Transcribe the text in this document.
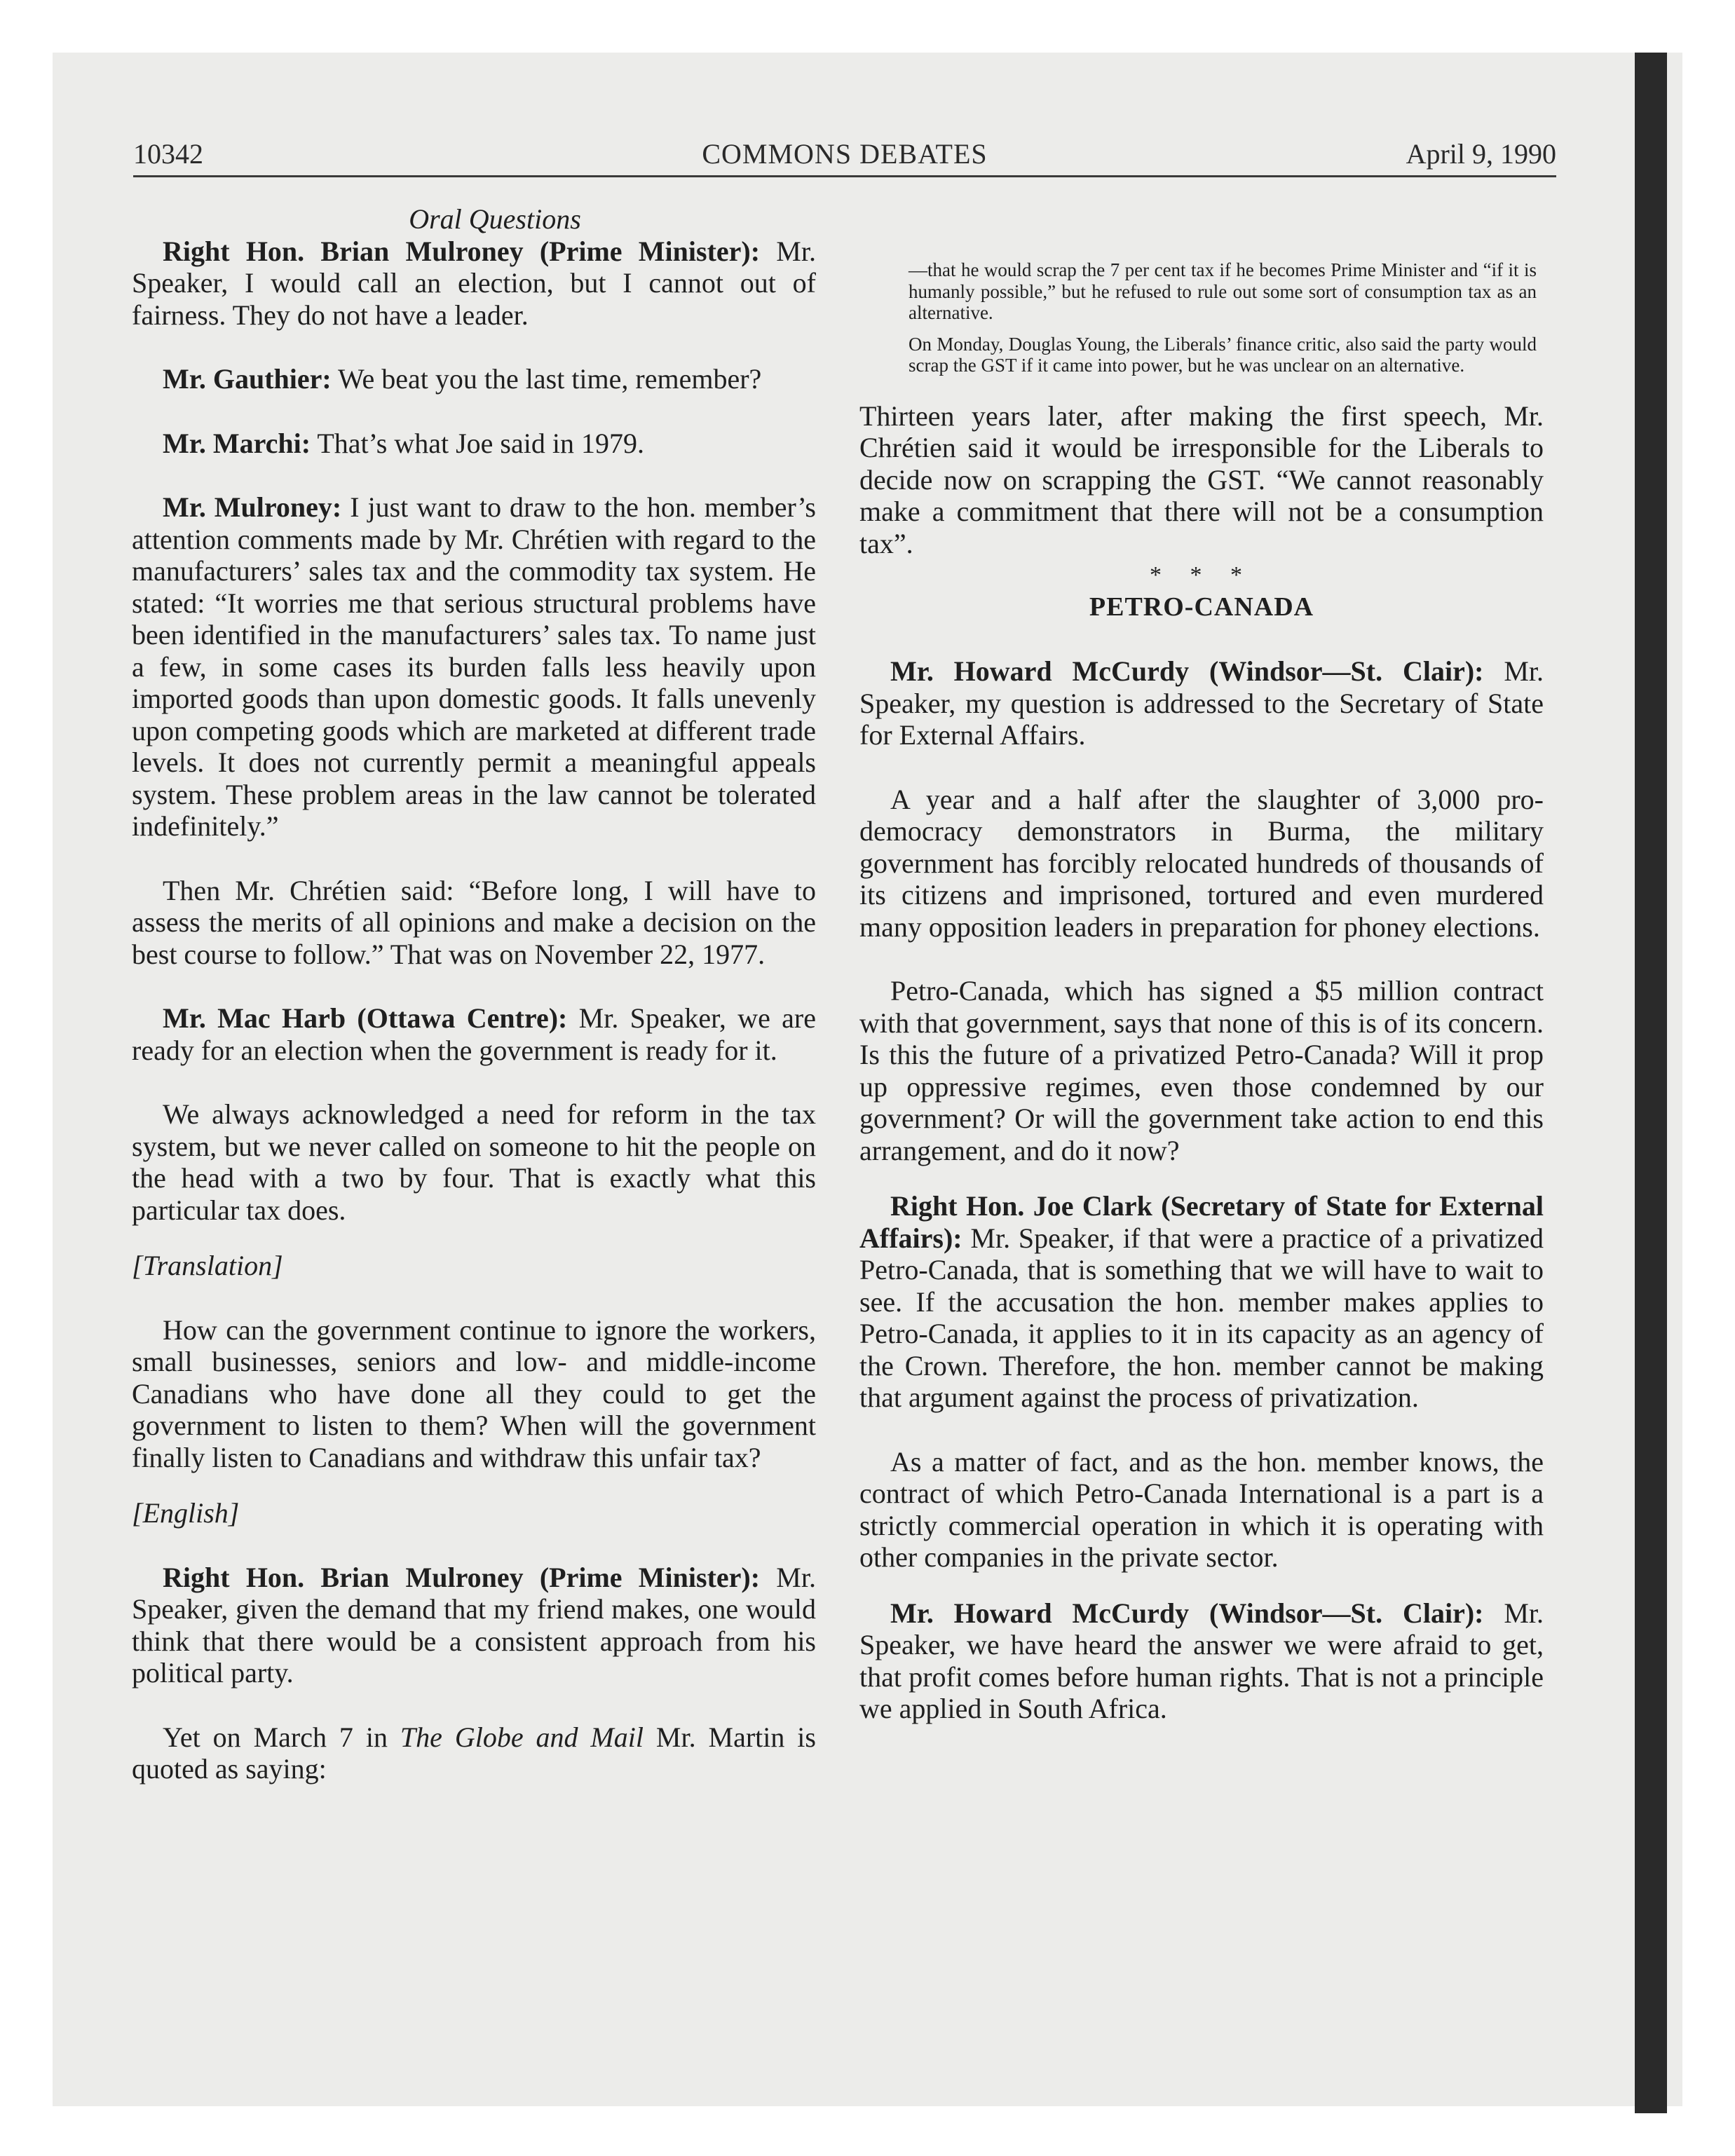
10342	COMMONS DEBATES	April 9, 1990

Oral Questions

Right Hon. Brian Mulroney (Prime Minister): Mr. Speaker, I would call an election, but I cannot out of fairness. They do not have a leader.

Mr. Gauthier: We beat you the last time, remember?

Mr. Marchi: That’s what Joe said in 1979.

Mr. Mulroney: I just want to draw to the hon. member’s attention comments made by Mr. Chrétien with regard to the manufacturers’ sales tax and the commodity tax system. He stated: “It worries me that serious structural problems have been identified in the manufacturers’ sales tax. To name just a few, in some cases its burden falls less heavily upon imported goods than upon domestic goods. It falls unevenly upon competing goods which are marketed at different trade levels. It does not currently permit a meaningful appeals system. These problem areas in the law cannot be tolerated indefinitely.”

Then Mr. Chrétien said: “Before long, I will have to assess the merits of all opinions and make a decision on the best course to follow.” That was on November 22, 1977.

Mr. Mac Harb (Ottawa Centre): Mr. Speaker, we are ready for an election when the government is ready for it.

We always acknowledged a need for reform in the tax system, but we never called on someone to hit the people on the head with a two by four. That is exactly what this particular tax does.

[Translation]

How can the government continue to ignore the workers, small businesses, seniors and low- and middle-income Canadians who have done all they could to get the government to listen to them? When will the government finally listen to Canadians and withdraw this unfair tax?

[English]

Right Hon. Brian Mulroney (Prime Minister): Mr. Speaker, given the demand that my friend makes, one would think that there would be a consistent approach from his political party.

Yet on March 7 in The Globe and Mail Mr. Martin is quoted as saying:

—that he would scrap the 7 per cent tax if he becomes Prime Minister and “if it is humanly possible,” but he refused to rule out some sort of consumption tax as an alternative.

On Monday, Douglas Young, the Liberals’ finance critic, also said the party would scrap the GST if it came into power, but he was unclear on an alternative.

Thirteen years later, after making the first speech, Mr. Chrétien said it would be irresponsible for the Liberals to decide now on scrapping the GST. “We cannot reasonably make a commitment that there will not be a consumption tax”.

* * *

PETRO-CANADA

Mr. Howard McCurdy (Windsor—St. Clair): Mr. Speaker, my question is addressed to the Secretary of State for External Affairs.

A year and a half after the slaughter of 3,000 pro-democracy demonstrators in Burma, the military government has forcibly relocated hundreds of thousands of its citizens and imprisoned, tortured and even murdered many opposition leaders in preparation for phoney elections.

Petro-Canada, which has signed a $5 million contract with that government, says that none of this is of its concern. Is this the future of a privatized Petro-Canada? Will it prop up oppressive regimes, even those condemned by our government? Or will the government take action to end this arrangement, and do it now?

Right Hon. Joe Clark (Secretary of State for External Affairs): Mr. Speaker, if that were a practice of a privatized Petro-Canada, that is something that we will have to wait to see. If the accusation the hon. member makes applies to Petro-Canada, it applies to it in its capacity as an agency of the Crown. Therefore, the hon. member cannot be making that argument against the process of privatization.

As a matter of fact, and as the hon. member knows, the contract of which Petro-Canada International is a part is a strictly commercial operation in which it is operating with other companies in the private sector.

Mr. Howard McCurdy (Windsor—St. Clair): Mr. Speaker, we have heard the answer we were afraid to get, that profit comes before human rights. That is not a principle we applied in South Africa.
